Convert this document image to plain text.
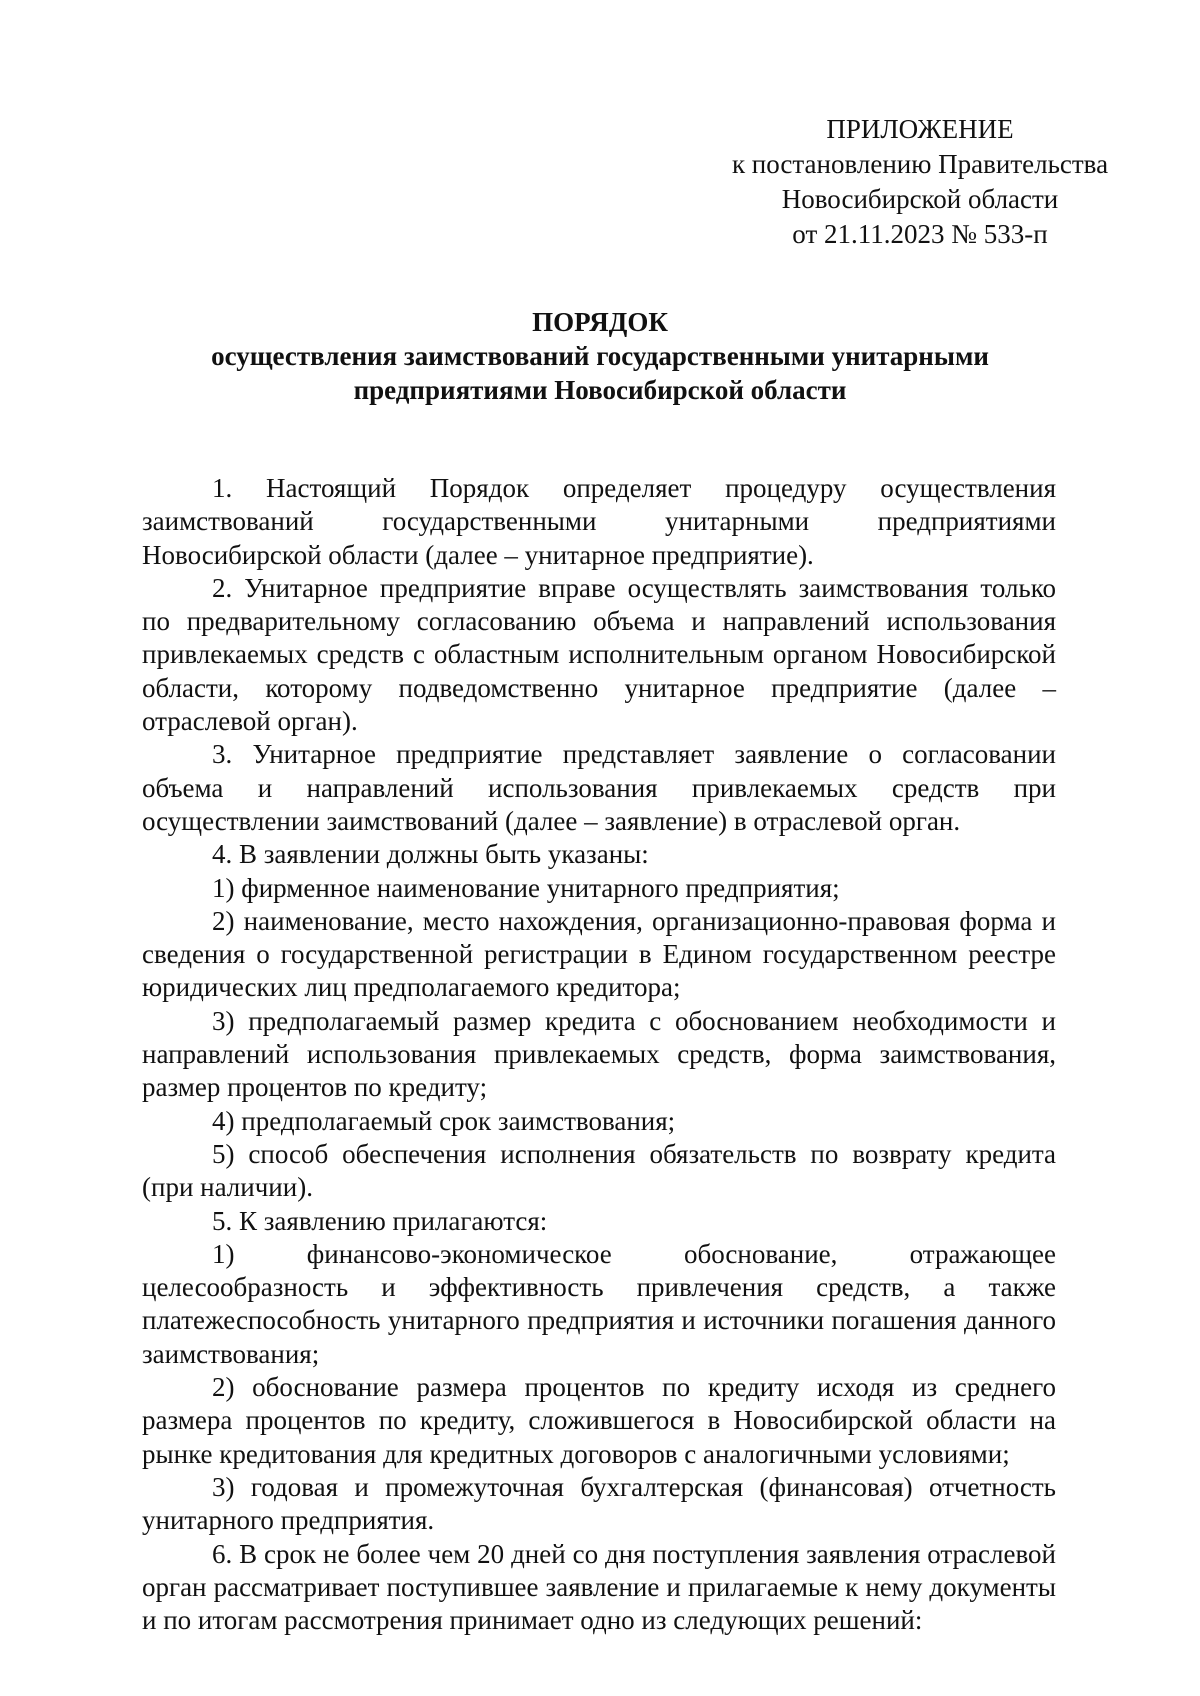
ПРИЛОЖЕНИЕ
к постановлению Правительства
Новосибирской области
от 21.11.2023 № 533-п
ПОРЯДОК
осуществления заимствований государственными унитарными
предприятиями Новосибирской области

1. Настоящий Порядок определяет процедуру осуществления заимствований государственными унитарными предприятиями Новосибирской области (далее – унитарное предприятие).

2. Унитарное предприятие вправе осуществлять заимствования только по предварительному согласованию объема и направлений использования привлекаемых средств с областным исполнительным органом Новосибирской области, которому подведомственно унитарное предприятие (далее – отраслевой орган).

3. Унитарное предприятие представляет заявление о согласовании объема и направлений использования привлекаемых средств при осуществлении заимствований (далее – заявление) в отраслевой орган.

4. В заявлении должны быть указаны:

1) фирменное наименование унитарного предприятия;

2) наименование, место нахождения, организационно-правовая форма и сведения о государственной регистрации в Едином государственном реестре юридических лиц предполагаемого кредитора;

3) предполагаемый размер кредита с обоснованием необходимости и направлений использования привлекаемых средств, форма заимствования, размер процентов по кредиту;

4) предполагаемый срок заимствования;

5) способ обеспечения исполнения обязательств по возврату кредита (при наличии).

5. К заявлению прилагаются:

1) финансово-экономическое обоснование, отражающее целесообразность и эффективность привлечения средств, а также платежеспособность унитарного предприятия и источники погашения данного заимствования;

2) обоснование размера процентов по кредиту исходя из среднего размера процентов по кредиту, сложившегося в Новосибирской области на рынке кредитования для кредитных договоров с аналогичными условиями;

3) годовая и промежуточная бухгалтерская (финансовая) отчетность унитарного предприятия.

6. В срок не более чем 20 дней со дня поступления заявления отраслевой орган рассматривает поступившее заявление и прилагаемые к нему документы и по итогам рассмотрения принимает одно из следующих решений:
